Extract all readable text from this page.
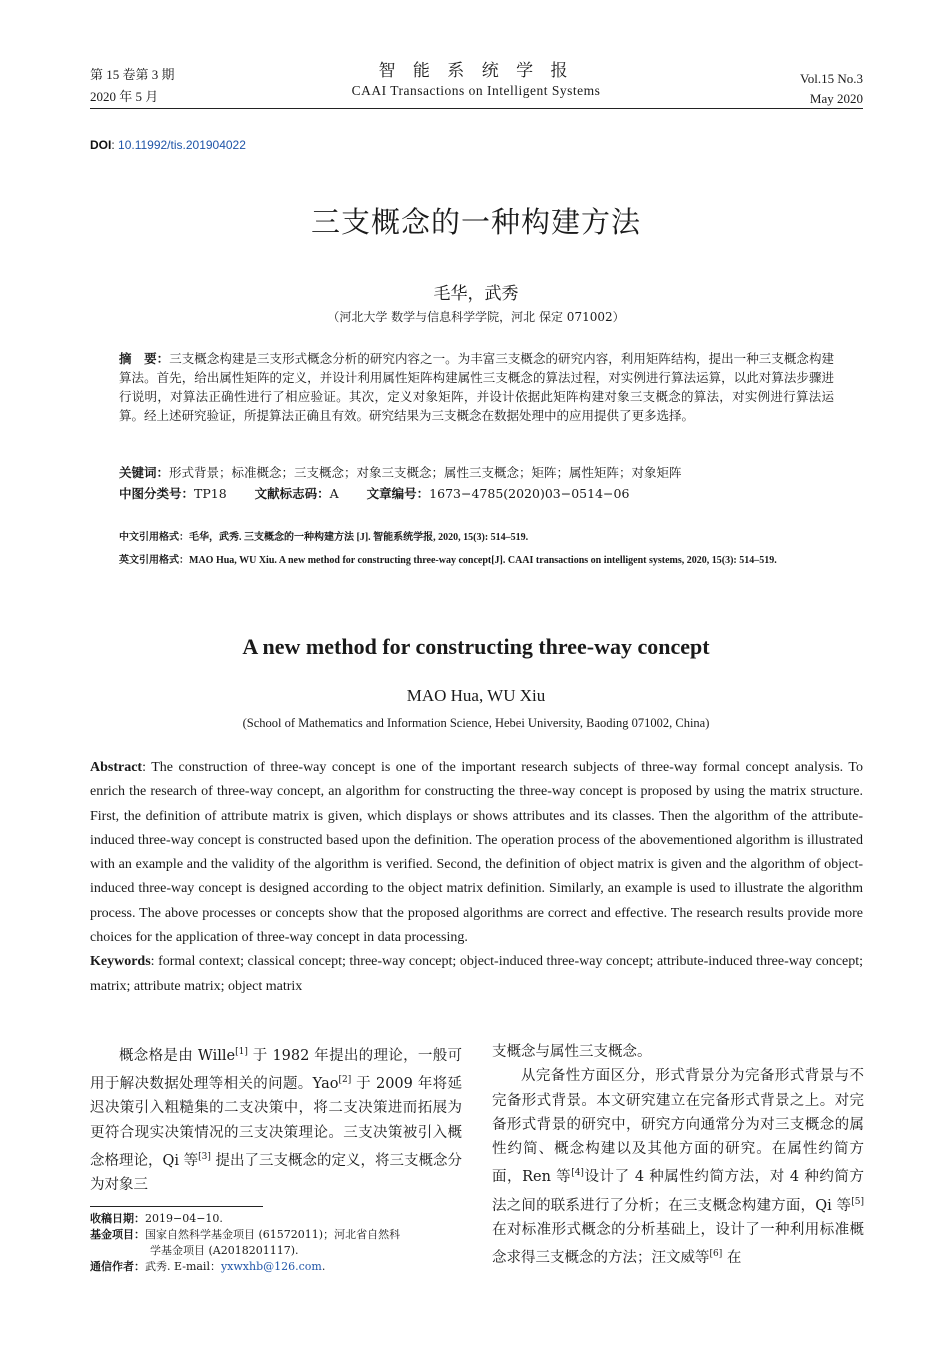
第 15 卷第 3 期
2020 年 5 月
智 能 系 统 学 报
CAAI Transactions on Intelligent Systems
Vol.15 No.3
May 2020
DOI: 10.11992/tis.201904022
三支概念的一种构建方法
毛华，武秀
（河北大学 数学与信息科学学院，河北 保定 071002）
摘　要：三支概念构建是三支形式概念分析的研究内容之一。为丰富三支概念的研究内容，利用矩阵结构，提出一种三支概念构建算法。首先，给出属性矩阵的定义，并设计利用属性矩阵构建属性三支概念的算法过程，对实例进行算法运算，以此对算法步骤进行说明，对算法正确性进行了相应验证。其次，定义对象矩阵，并设计依据此矩阵构建对象三支概念的算法，对实例进行算法运算。经上述研究验证，所提算法正确且有效。研究结果为三支概念在数据处理中的应用提供了更多选择。
关键词：形式背景；标准概念；三支概念；对象三支概念；属性三支概念；矩阵；属性矩阵；对象矩阵
中图分类号：TP18 文献标志码：A 文章编号：1673−4785(2020)03−0514−06
中文引用格式：毛华，武秀. 三支概念的一种构建方法 [J]. 智能系统学报, 2020, 15(3): 514–519.
英文引用格式：MAO Hua, WU Xiu. A new method for constructing three-way concept[J]. CAAI transactions on intelligent systems, 2020, 15(3): 514–519.
A new method for constructing three-way concept
MAO Hua, WU Xiu
(School of Mathematics and Information Science, Hebei University, Baoding 071002, China)
Abstract: The construction of three-way concept is one of the important research subjects of three-way formal concept analysis. To enrich the research of three-way concept, an algorithm for constructing the three-way concept is proposed by using the matrix structure. First, the definition of attribute matrix is given, which displays or shows attributes and its classes. Then the algorithm of the attribute-induced three-way concept is constructed based upon the definition. The operation process of the abovementioned algorithm is illustrated with an example and the validity of the algorithm is verified. Second, the definition of object matrix is given and the algorithm of object-induced three-way concept is designed according to the object matrix definition. Similarly, an example is used to illustrate the algorithm process. The above processes or concepts show that the proposed algorithms are correct and effective. The research results provide more choices for the application of three-way concept in data processing.
Keywords: formal context; classical concept; three-way concept; object-induced three-way concept; attribute-induced three-way concept; matrix; attribute matrix; object matrix

概念格是由 Wille[1] 于 1982 年提出的理论，一般可用于解决数据处理等相关的问题。Yao[2] 于 2009 年将延迟决策引入粗糙集的二支决策中，将二支决策进而拓展为更符合现实决策情况的三支决策理论。三支决策被引入概念格理论，Qi 等[3] 提出了三支概念的定义，将三支概念分为对象三

支概念与属性三支概念。

从完备性方面区分，形式背景分为完备形式背景与不完备形式背景。本文研究建立在完备形式背景之上。对完备形式背景的研究中，研究方向通常分为对三支概念的属性约简、概念构建以及其他方面的研究。在属性约简方面，Ren 等[4]设计了 4 种属性约简方法，对 4 种约简方法之间的联系进行了分析；在三支概念构建方面，Qi 等[5]在对标准形式概念的分析基础上，设计了一种利用标准概念求得三支概念的方法；汪文威等[6] 在

收稿日期：2019−04−10.
基金项目：国家自然科学基金项目 (61572011)；河北省自然科
学基金项目 (A2018201117).
通信作者：武秀. E-mail：yxwxhb@126.com.
